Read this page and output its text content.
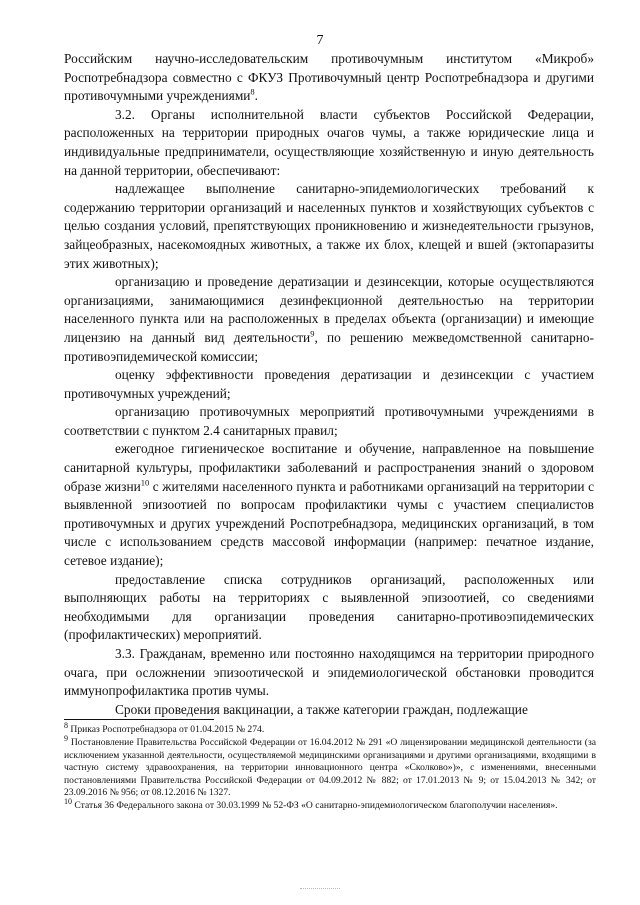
7

Российским научно-исследовательским противочумным институтом «Микроб» Роспотребнадзора совместно с ФКУЗ Противочумный центр Роспотребнадзора и другими противочумными учреждениями$^8$.

3.2. Органы исполнительной власти субъектов Российской Федерации, расположенных на территории природных очагов чумы, а также юридические лица и индивидуальные предприниматели, осуществляющие хозяйственную и иную деятельность на данной территории, обеспечивают:

надлежащее выполнение санитарно-эпидемиологических требований к содержанию территории организаций и населенных пунктов и хозяйствующих субъектов с целью создания условий, препятствующих проникновению и жизнедеятельности грызунов, зайцеобразных, насекомоядных животных, а также их блох, клещей и вшей (эктопаразиты этих животных);

организацию и проведение дератизации и дезинсекции, которые осуществляются организациями, занимающимися дезинфекционной деятельностью на территории населенного пункта или на расположенных в пределах объекта (организации) и имеющие лицензию на данный вид деятельности$^9$, по решению межведомственной санитарно-противоэпидемической комиссии;

оценку эффективности проведения дератизации и дезинсекции с участием противочумных учреждений;

организацию противочумных мероприятий противочумными учреждениями в соответствии с пунктом 2.4 санитарных правил;

ежегодное гигиеническое воспитание и обучение, направленное на повышение санитарной культуры, профилактики заболеваний и распространения знаний о здоровом образе жизни$^{10}$ с жителями населенного пункта и работниками организаций на территории с выявленной эпизоотией по вопросам профилактики чумы с участием специалистов противочумных и других учреждений Роспотребнадзора, медицинских организаций, в том числе с использованием средств массовой информации (например: печатное издание, сетевое издание);

предоставление списка сотрудников организаций, расположенных или выполняющих работы на территориях с выявленной эпизоотией, со сведениями необходимыми для организации проведения санитарно-противоэпидемических (профилактических) мероприятий.

3.3. Гражданам, временно или постоянно находящимся на территории природного очага, при осложнении эпизоотической и эпидемиологической обстановки проводится иммунопрофилактика против чумы.

Сроки проведения вакцинации, а также категории граждан, подлежащие

$^8$ Приказ Роспотребнадзора от 01.04.2015 № 274.

$^9$ Постановление Правительства Российской Федерации от 16.04.2012 № 291 «О лицензировании медицинской деятельности (за исключением указанной деятельности, осуществляемой медицинскими организациями и другими организациями, входящими в частную систему здравоохранения, на территории инновационного центра «Сколково»)», с изменениями, внесенными постановлениями Правительства Российской Федерации от 04.09.2012 № 882; от 17.01.2013 № 9; от 15.04.2013 № 342; от 23.09.2016 № 956; от 08.12.2016 № 1327.

$^{10}$ Статья 36 Федерального закона от 30.03.1999 № 52-ФЗ «О санитарно-эпидемиологическом благополучии населения».
